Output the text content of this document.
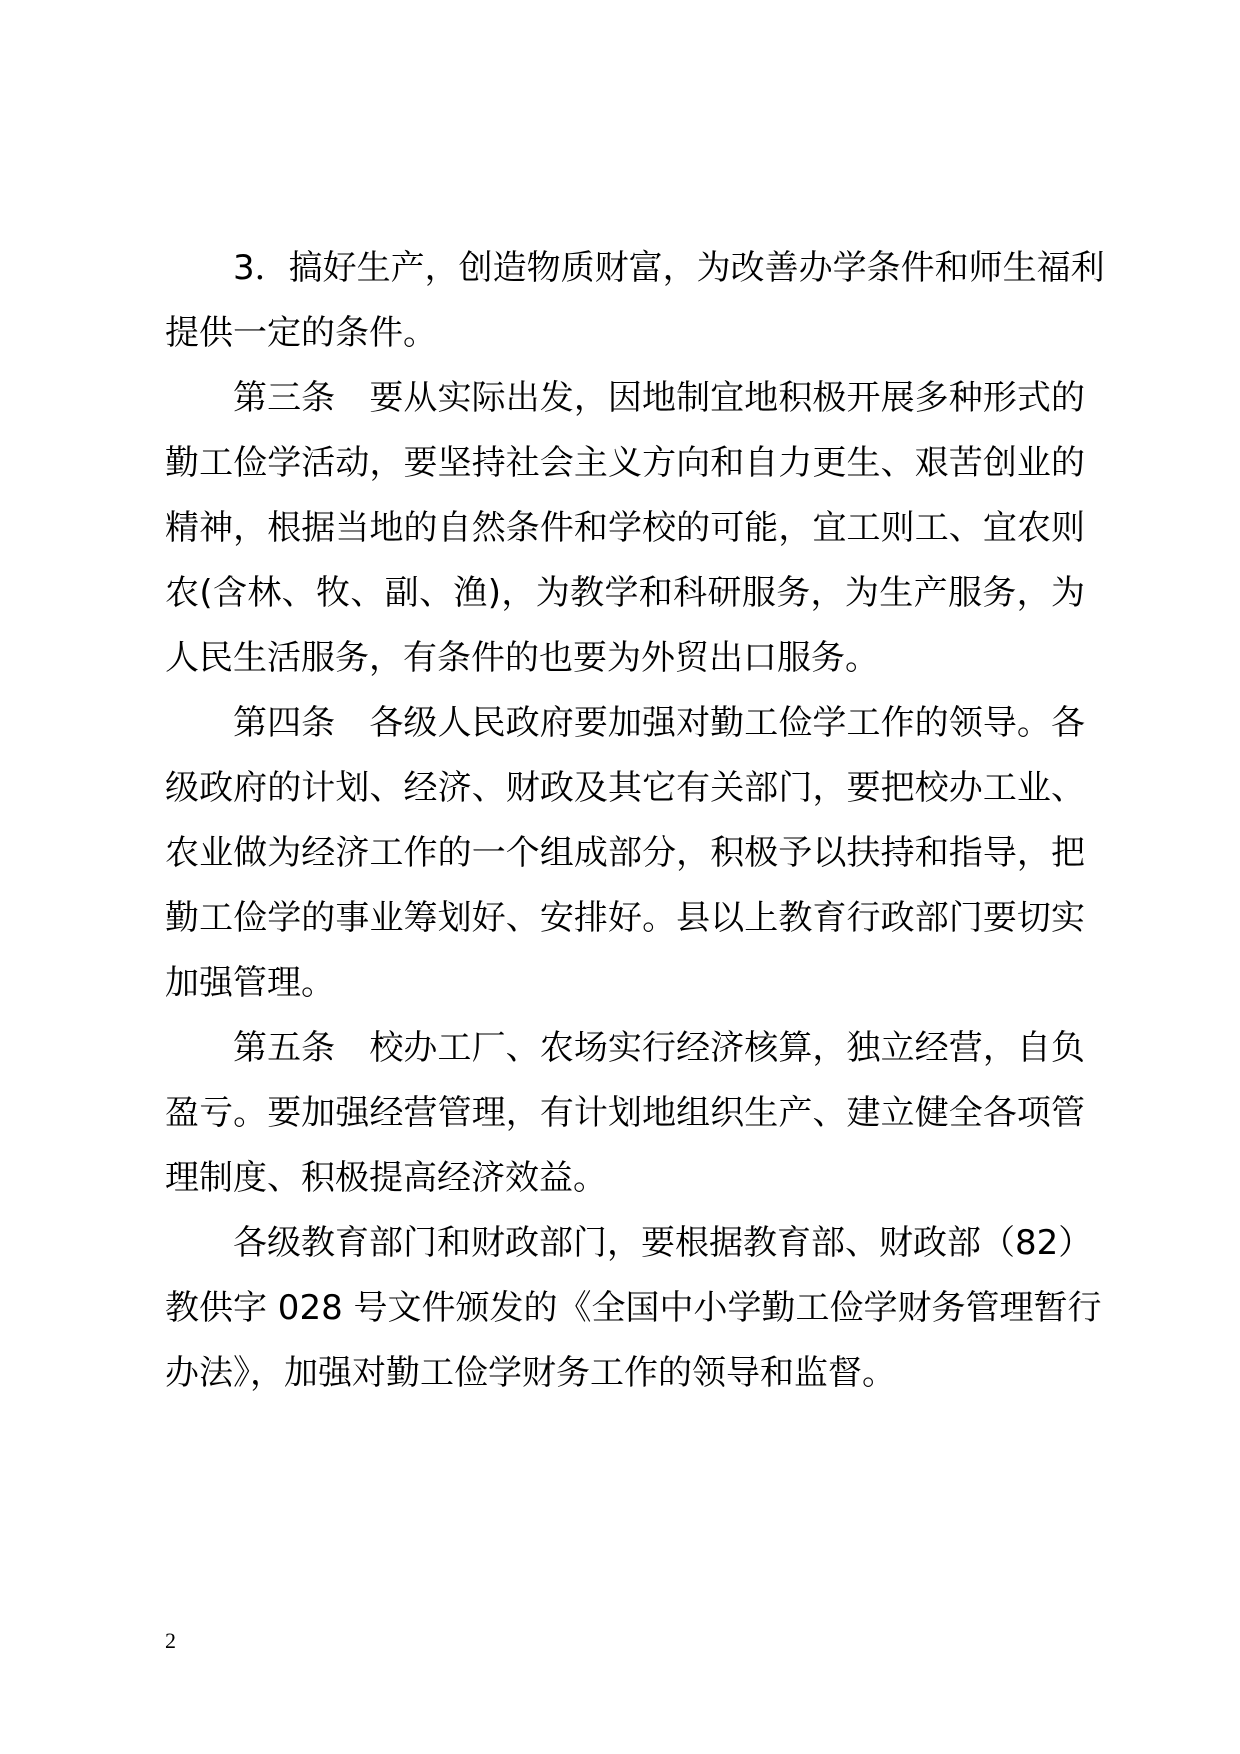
3．搞好生产，创造物质财富，为改善办学条件和师生福利
提供一定的条件。
第三条　要从实际出发，因地制宜地积极开展多种形式的
勤工俭学活动，要坚持社会主义方向和自力更生、艰苦创业的
精神，根据当地的自然条件和学校的可能，宜工则工、宜农则
农(含林、牧、副、渔)，为教学和科研服务，为生产服务，为
人民生活服务，有条件的也要为外贸出口服务。
第四条　各级人民政府要加强对勤工俭学工作的领导。各
级政府的计划、经济、财政及其它有关部门，要把校办工业、
农业做为经济工作的一个组成部分，积极予以扶持和指导，把
勤工俭学的事业筹划好、安排好。县以上教育行政部门要切实
加强管理。
第五条　校办工厂、农场实行经济核算，独立经营，自负
盈亏。要加强经营管理，有计划地组织生产、建立健全各项管
理制度、积极提高经济效益。
各级教育部门和财政部门，要根据教育部、财政部（82）
教供字 028 号文件颁发的《全国中小学勤工俭学财务管理暂行
办法》，加强对勤工俭学财务工作的领导和监督。
2
